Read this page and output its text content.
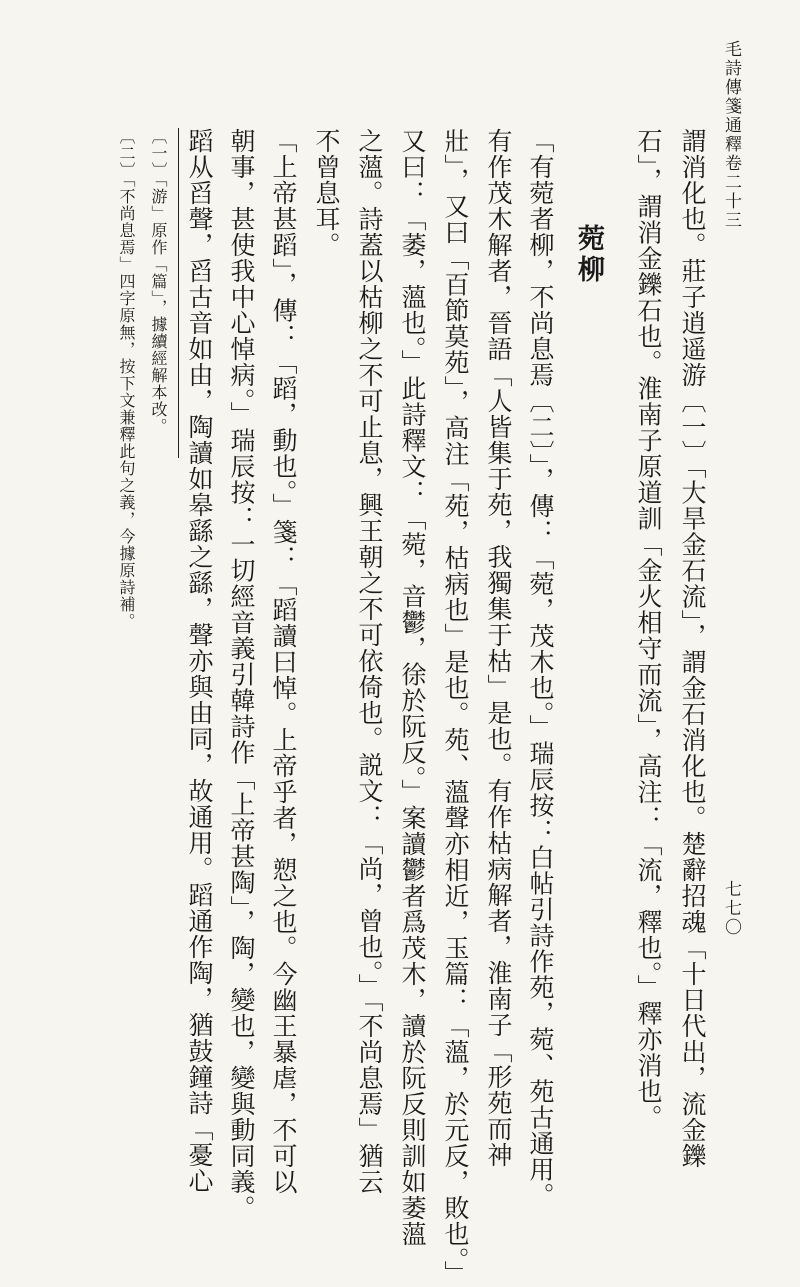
毛詩傳箋通釋卷二十三
七七〇
謂消化也。莊子逍遥游〔一〕「大旱金石流」，謂金石消化也。楚辭招魂「十日代出，流金鑠
石」，謂消金鑠石也。淮南子原道訓「金火相守而流」，高注：「流，釋也。」釋亦消也。
菀柳
「有菀者柳，不尚息焉〔二〕」，傳：「菀，茂木也。」瑞辰按：白帖引詩作苑，菀、苑古通用。
有作茂木解者，晉語「人皆集于苑，我獨集于枯」是也。有作枯病解者，淮南子「形苑而神
壯」，又曰「百節莫苑」，高注「苑，枯病也」是也。苑、薀聲亦相近，玉篇：「薀，於元反，敗也。」
又曰：「萎，薀也。」此詩釋文：「菀，音鬱，徐於阮反。」案讀鬱者爲茂木，讀於阮反則訓如萎薀
之薀。詩蓋以枯柳之不可止息，興王朝之不可依倚也。説文：「尚，曾也。」「不尚息焉」猶云
不曾息耳。
「上帝甚蹈」，傳：「蹈，動也。」箋：「蹈讀曰悼。上帝乎者，愬之也。今幽王暴虐，不可以
朝事，甚使我中心悼病。」瑞辰按：一切經音義引韓詩作「上帝甚陶」，陶，變也，變與動同義。
蹈从舀聲，舀古音如由，陶讀如皋繇之繇，聲亦與由同，故通用。蹈通作陶，猶鼓鐘詩「憂心
〔一〕「游」原作「篇」，據續經解本改。
〔二〕「不尚息焉」四字原無，按下文兼釋此句之義，今據原詩補。
